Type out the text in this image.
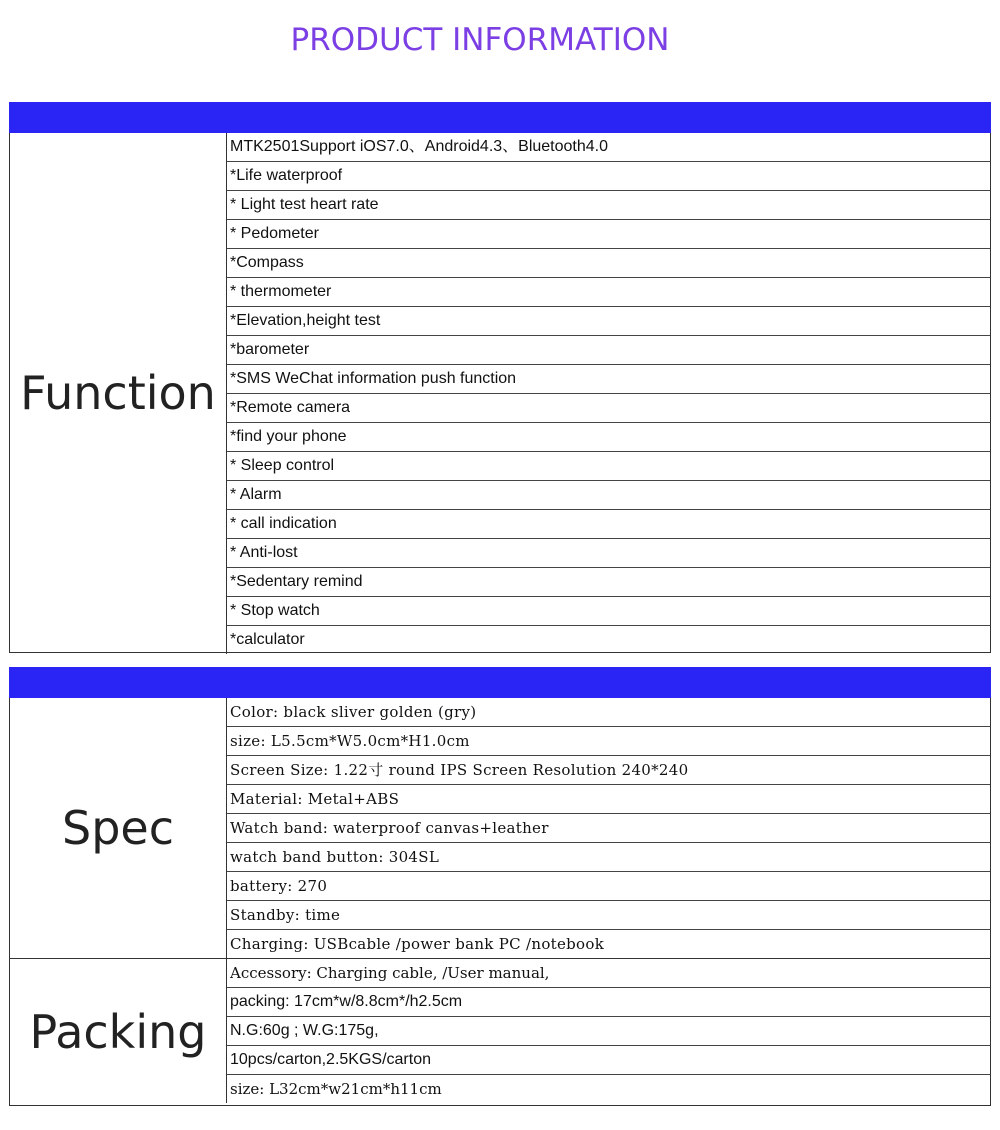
PRODUCT INFORMATION
Function
MTK2501Support iOS7.0、Android4.3、Bluetooth4.0
*Life waterproof
* Light test heart rate
* Pedometer
*Compass
* thermometer
*Elevation,height test
*barometer
*SMS WeChat information push function
*Remote camera
*find your phone
* Sleep control
* Alarm
* call indication
* Anti-lost
*Sedentary remind
* Stop watch
*calculator
Spec
Color: black sliver golden (gry)
size: L5.5cm*W5.0cm*H1.0cm
Screen Size: 1.22寸 round IPS Screen Resolution 240*240
Material: Metal+ABS
Watch band: waterproof canvas+leather
watch band button: 304SL
battery: 270
Standby: time
Charging: USBcable /power bank PC /notebook
Packing
Accessory: Charging cable, /User manual,
packing: 17cm*w/8.8cm*/h2.5cm
N.G:60g ; W.G:175g,
10pcs/carton,2.5KGS/carton
size: L32cm*w21cm*h11cm
